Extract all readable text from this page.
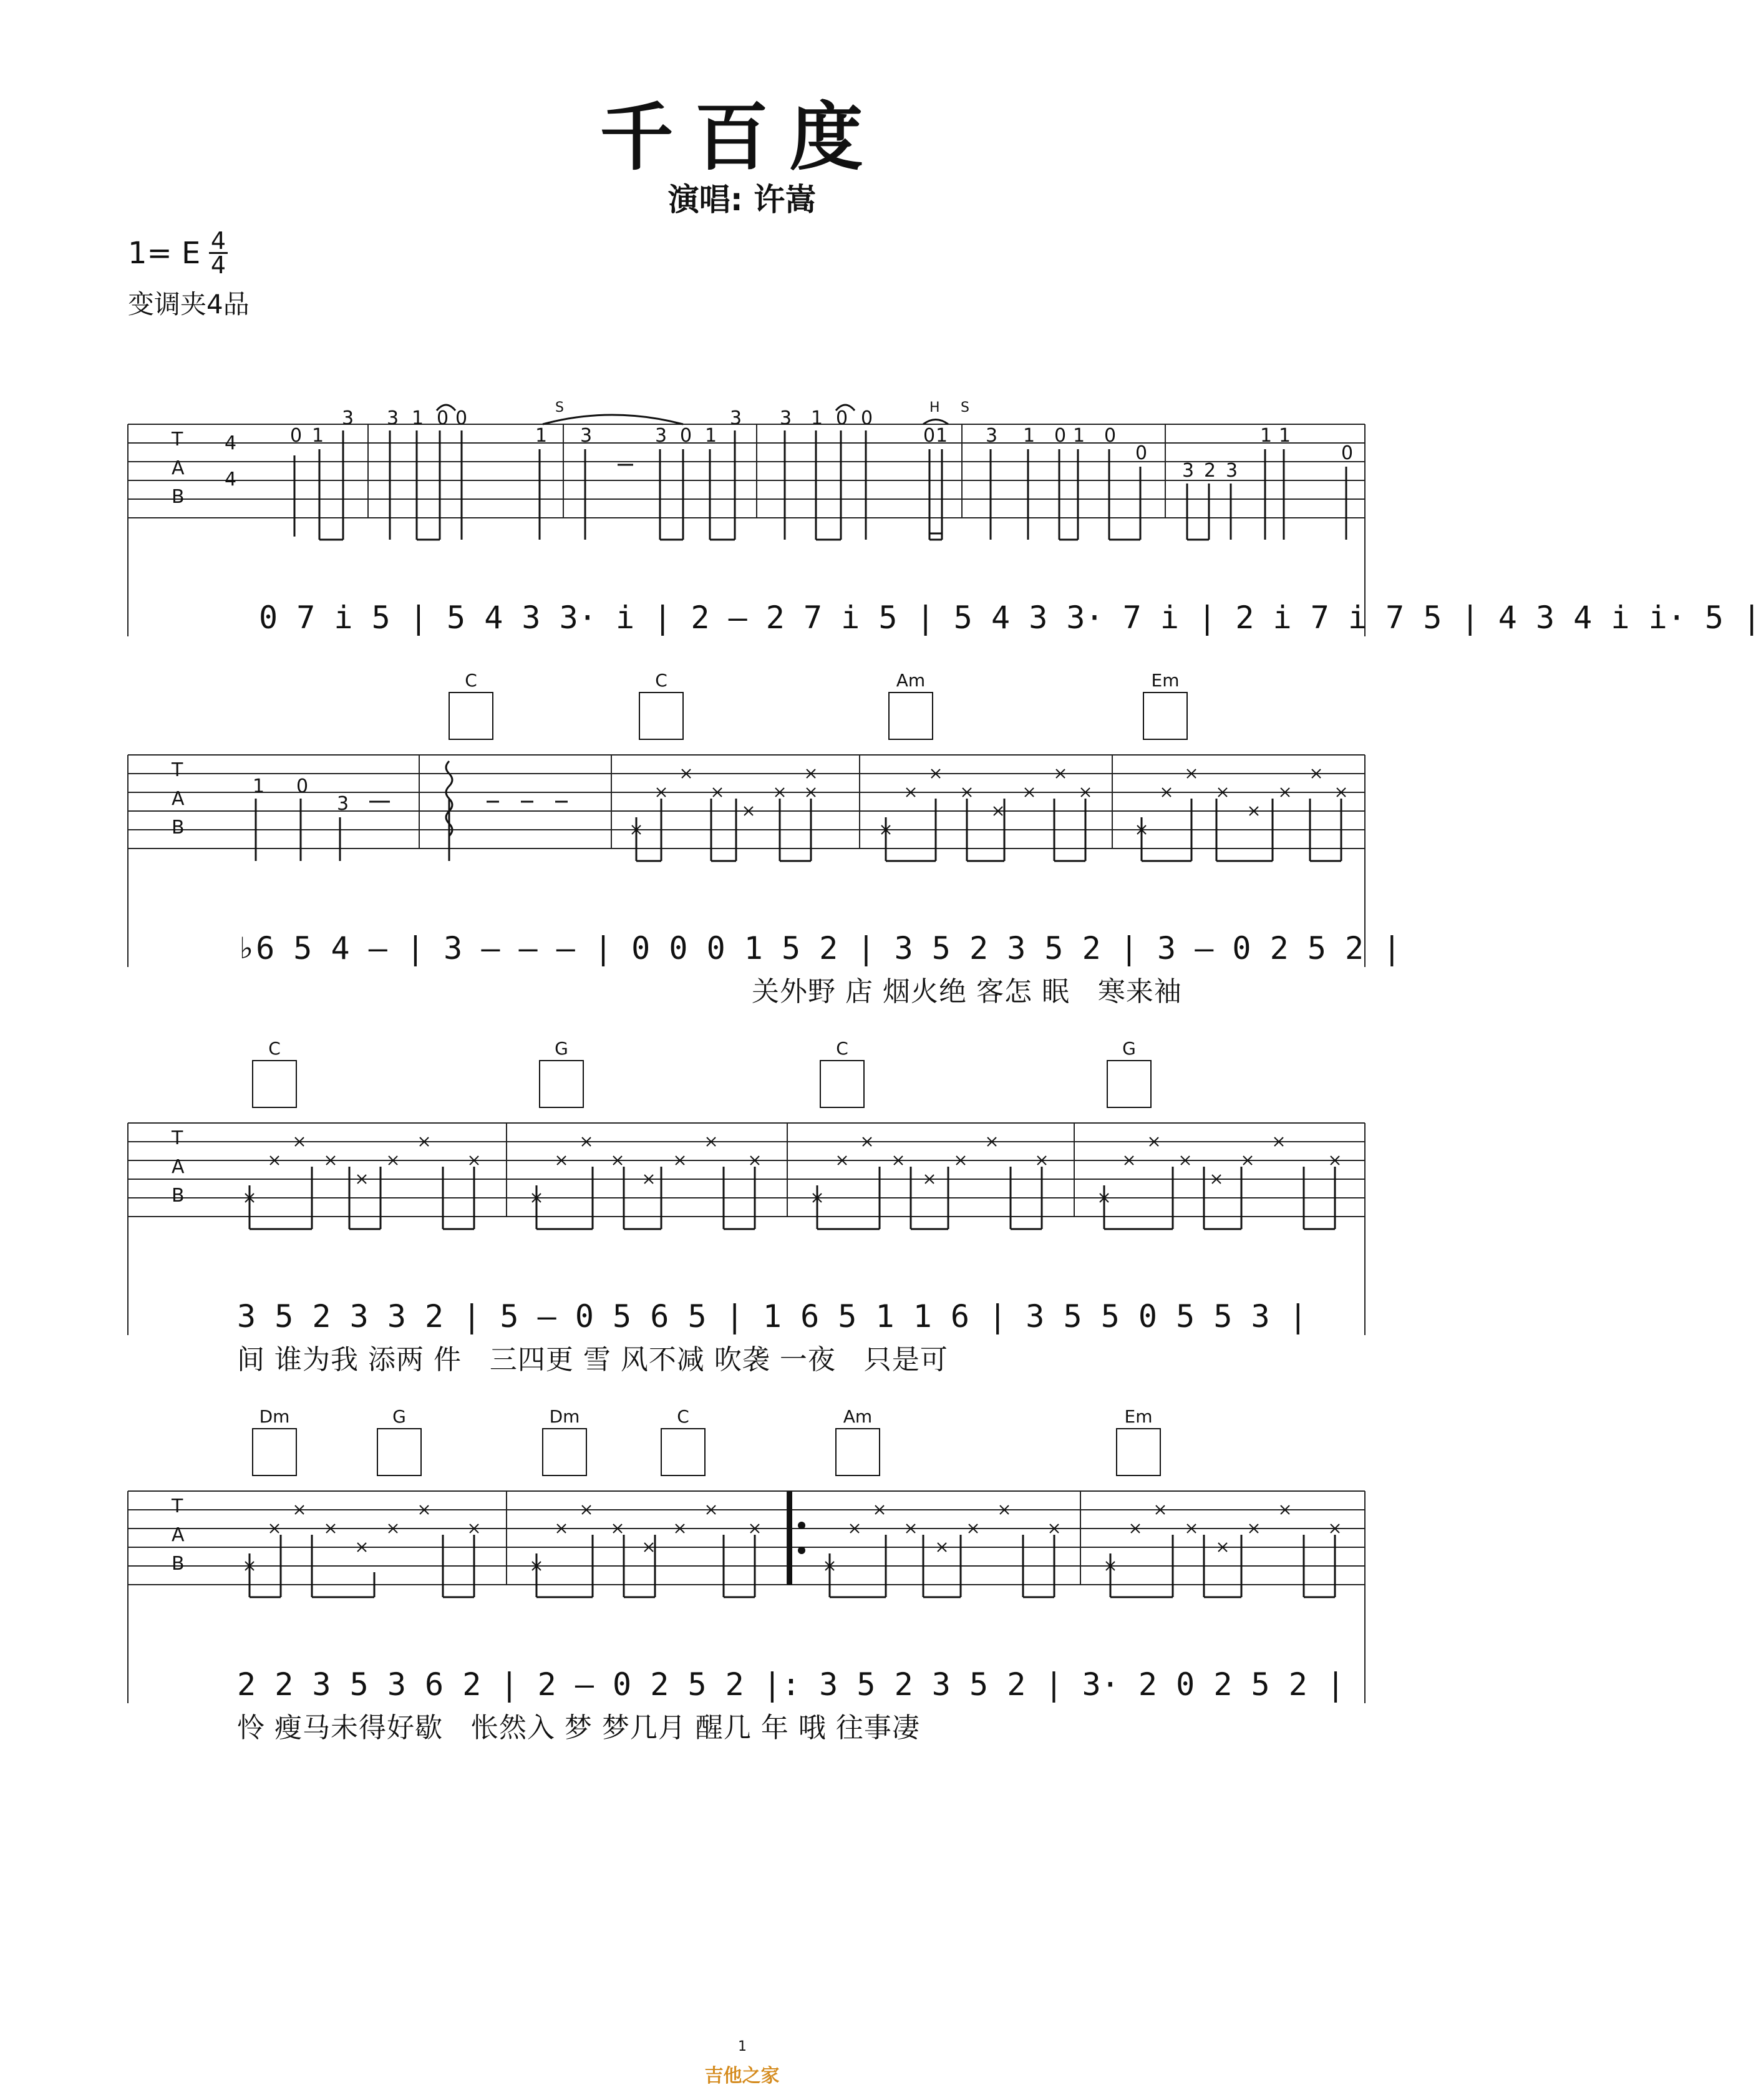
千百度
演唱: 许嵩
1= E 4
4
变调夹4品
T
A
B
4
4
0 1
3 3 1 0 0
1 3	3 0 1
3 3 1 0 0
0 1 3 1 0 1 0
0
3 2 3
1 1
0
S	H S
0 7 i 5 | 5 4 3 3· i | 2 — 2 7 i 5 | 5 4 3 3· 7 i | 2 i 7 i 7 5 | 4 3 4 i i· 5 |
T
A
B
1 0
3
C	C	Am	Em
♭6 5 4 — | 3 — — — | 0 0 0 1 5 2 | 3 5 2 3 5 2 | 3 — 0 2 5 2 |
关外野 店 烟火绝 客怎 眠   寒来袖
T
A
B
C	G	C	G
3 5 2 3 3 2 | 5 — 0 5 6 5 | 1 6 5 1 1 6 | 3 5 5 0 5 5 3 |
间 谁为我 添两 件   三四更 雪 风不减 吹袭 一夜   只是可
T
A
B
Dm	G	Dm	C	Am	Em
2 2 3 5 3 6 2 | 2 — 0 2 5 2 |: 3 5 2 3 5 2 | 3· 2 0 2 5 2 |
怜 瘦马未得好歇   怅然入 梦 梦几月 醒几 年 哦 往事凄
1
吉他之家
